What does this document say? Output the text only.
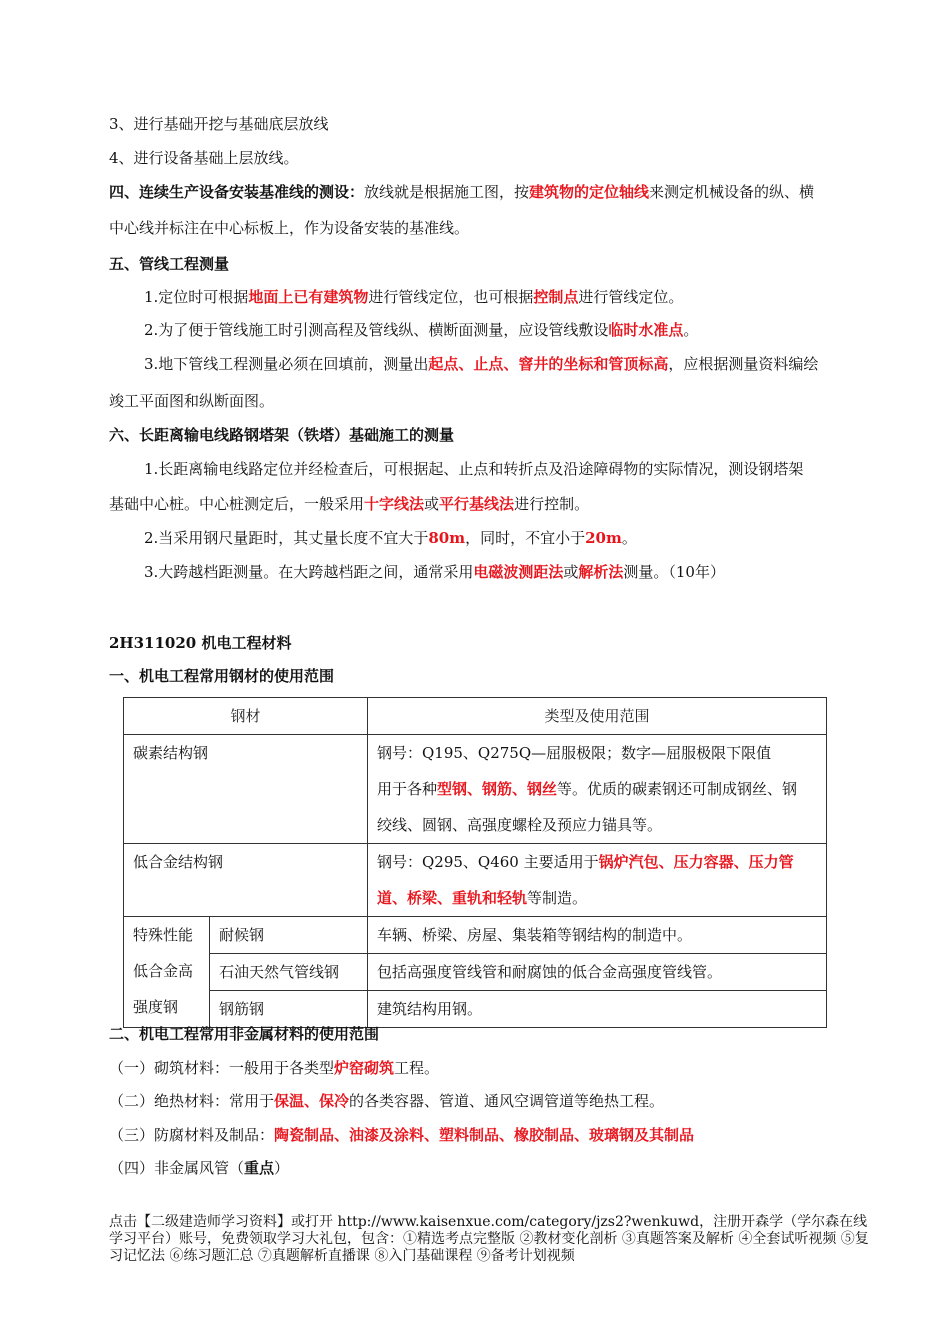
3、进行基础开挖与基础底层放线
4、进行设备基础上层放线。
四、连续生产设备安装基准线的测设：放线就是根据施工图，按建筑物的定位轴线来测定机械设备的纵、横
中心线并标注在中心标板上，作为设备安装的基准线。
五、管线工程测量
1.定位时可根据地面上已有建筑物进行管线定位，也可根据控制点进行管线定位。
2.为了便于管线施工时引测高程及管线纵、横断面测量，应设管线敷设临时水准点。
3.地下管线工程测量必须在回填前，测量出起点、止点、窨井的坐标和管顶标高，应根据测量资料编绘
竣工平面图和纵断面图。
六、长距离输电线路钢塔架（铁塔）基础施工的测量
1.长距离输电线路定位并经检查后，可根据起、止点和转折点及沿途障碍物的实际情况，测设钢塔架
基础中心桩。中心桩测定后，一般采用十字线法或平行基线法进行控制。
2.当采用钢尺量距时，其丈量长度不宜大于80m，同时，不宜小于20m。
3.大跨越档距测量。在大跨越档距之间，通常采用电磁波测距法或解析法测量。（10年）
2H311020 机电工程材料
一、机电工程常用钢材的使用范围
钢材		类型及使用范围
碳素结构钢		钢号：Q195、Q275Q—屈服极限；数字—屈服极限下限值
用于各种型钢、钢筋、钢丝等。优质的碳素钢还可制成钢丝、钢
绞线、圆钢、高强度螺栓及预应力锚具等。

低合金结构钢		钢号：Q295、Q460 主要适用于锅炉汽包、压力容器、压力管
道、桥梁、重轨和轻轨等制造。

特殊性能
低合金高
强度钢	耐候钢	车辆、桥梁、房屋、集装箱等钢结构的制造中。
	石油天然气管线钢	包括高强度管线管和耐腐蚀的低合金高强度管线管。
	钢筋钢	建筑结构用钢。
二、机电工程常用非金属材料的使用范围
（一）砌筑材料：一般用于各类型炉窑砌筑工程。
（二）绝热材料：常用于保温、保冷的各类容器、管道、通风空调管道等绝热工程。
（三）防腐材料及制品：陶瓷制品、油漆及涂料、塑料制品、橡胶制品、玻璃钢及其制品
（四）非金属风管（重点）
点击【二级建造师学习资料】或打开 http://www.kaisenxue.com/category/jzs2?wenkuwd，注册开森学（学尔森在线学习平台）账号，免费领取学习大礼包，包含：①精选考点完整版 ②教材变化剖析 ③真题答案及解析 ④全套试听视频 ⑤复习记忆法 ⑥练习题汇总 ⑦真题解析直播课 ⑧入门基础课程 ⑨备考计划视频
